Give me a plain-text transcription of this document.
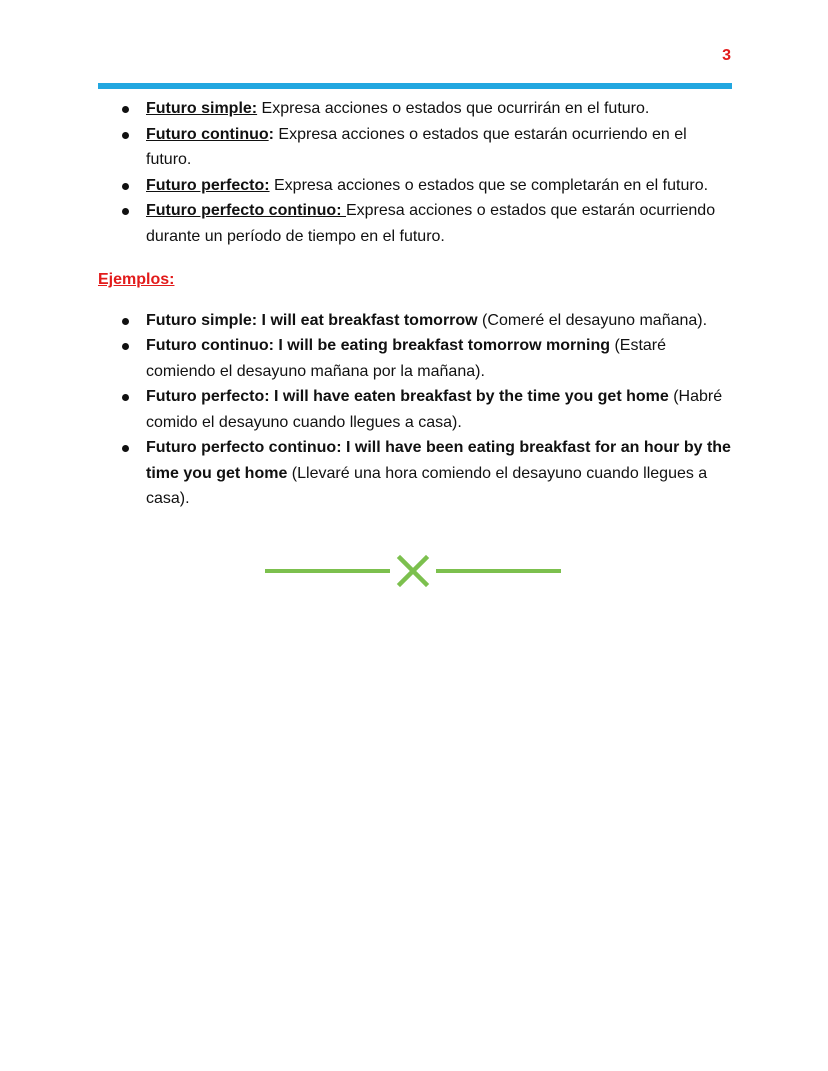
3
Futuro simple: Expresa acciones o estados que ocurrirán en el futuro.
Futuro continuo: Expresa acciones o estados que estarán ocurriendo en el futuro.
Futuro perfecto: Expresa acciones o estados que se completarán en el futuro.
Futuro perfecto continuo: Expresa acciones o estados que estarán ocurriendo durante un período de tiempo en el futuro.
Ejemplos:
Futuro simple: I will eat breakfast tomorrow (Comeré el desayuno mañana).
Futuro continuo: I will be eating breakfast tomorrow morning (Estaré comiendo el desayuno mañana por la mañana).
Futuro perfecto: I will have eaten breakfast by the time you get home (Habré comido el desayuno cuando llegues a casa).
Futuro perfecto continuo: I will have been eating breakfast for an hour by the time you get home (Llevaré una hora comiendo el desayuno cuando llegues a casa).
